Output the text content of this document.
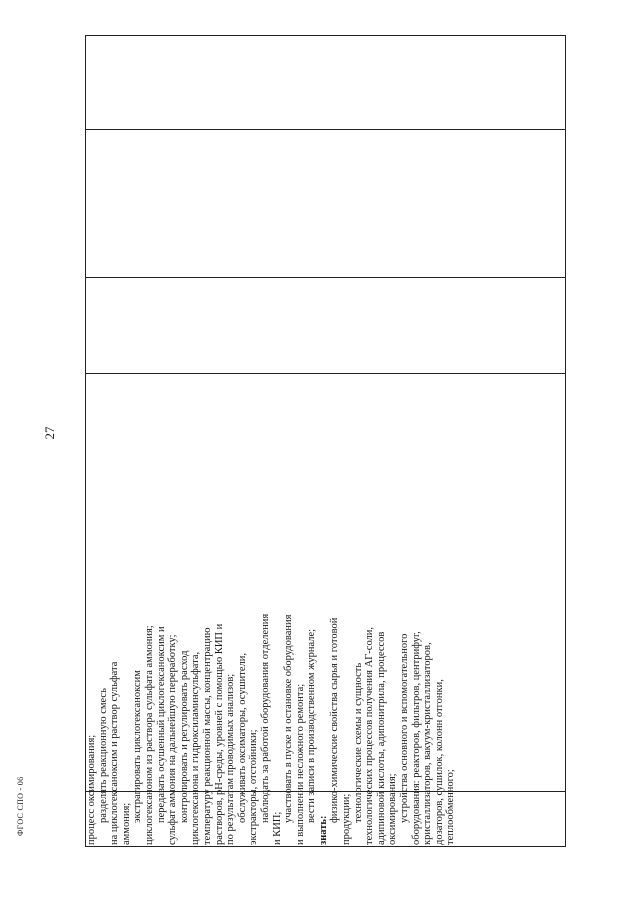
27

процесс оксимирования; разделять реакционную смесь на циклогексаноксим и раствор сульфата аммония;

экстрагировать циклогексаноксим циклогексаноном из раствора сульфата аммония; передавать осушенный циклогексаноксим и сульфат аммония на дальнейшую переработку; контролировать и регулировать расход циклогексанона и гидроксиламинсульфата, температуру реакционной массы, концентрацию растворов, pH-среды, уровней с помощью КИП и по результатам проводимых анализов; обслуживать оксиматоры, осушители, экстракторы, отстойники; наблюдать за работой оборудования отделения

и КИП;

участвовать в пуске и остановке оборудования и выполнении несложного ремонта; вести записи в производственном журнале;

знать:

физико-химические свойства сырья и готовой продукции; технологические схемы и сущность технологических процессов получения АГ-соли, адипиновой кислоты, адипонитрила, процессов оксимирования; устройства основного и вспомогательного оборудования: реакторов, фильтров, центрифуг, кристаллизаторов, вакуум-кристаллизаторов, дозаторов, сушилок, колонн отгонки, теплообменного;

ФГОС СПО - 06
